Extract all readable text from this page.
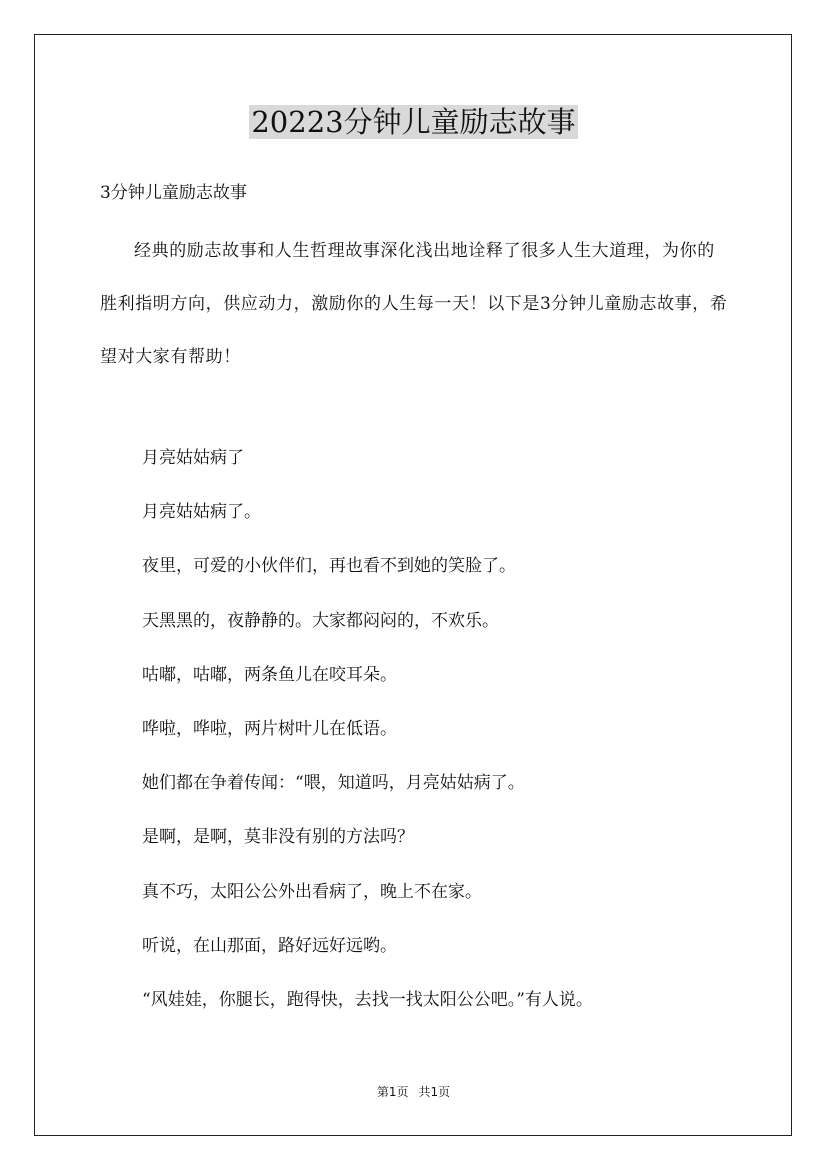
20223分钟儿童励志故事

3分钟儿童励志故事

经典的励志故事和人生哲理故事深化浅出地诠释了很多人生大道理，为你的胜利指明方向，供应动力，激励你的人生每一天！以下是3分钟儿童励志故事，希望对大家有帮助！

月亮姑姑病了
月亮姑姑病了。
夜里，可爱的小伙伴们，再也看不到她的笑脸了。
天黑黑的，夜静静的。大家都闷闷的，不欢乐。
咕嘟，咕嘟，两条鱼儿在咬耳朵。
哗啦，哗啦，两片树叶儿在低语。
她们都在争着传闻：“喂，知道吗，月亮姑姑病了。
是啊，是啊，莫非没有别的方法吗？
真不巧，太阳公公外出看病了，晚上不在家。
听说，在山那面，路好远好远哟。
“风娃娃，你腿长，跑得快，去找一找太阳公公吧。”有人说。
第1页 共1页
